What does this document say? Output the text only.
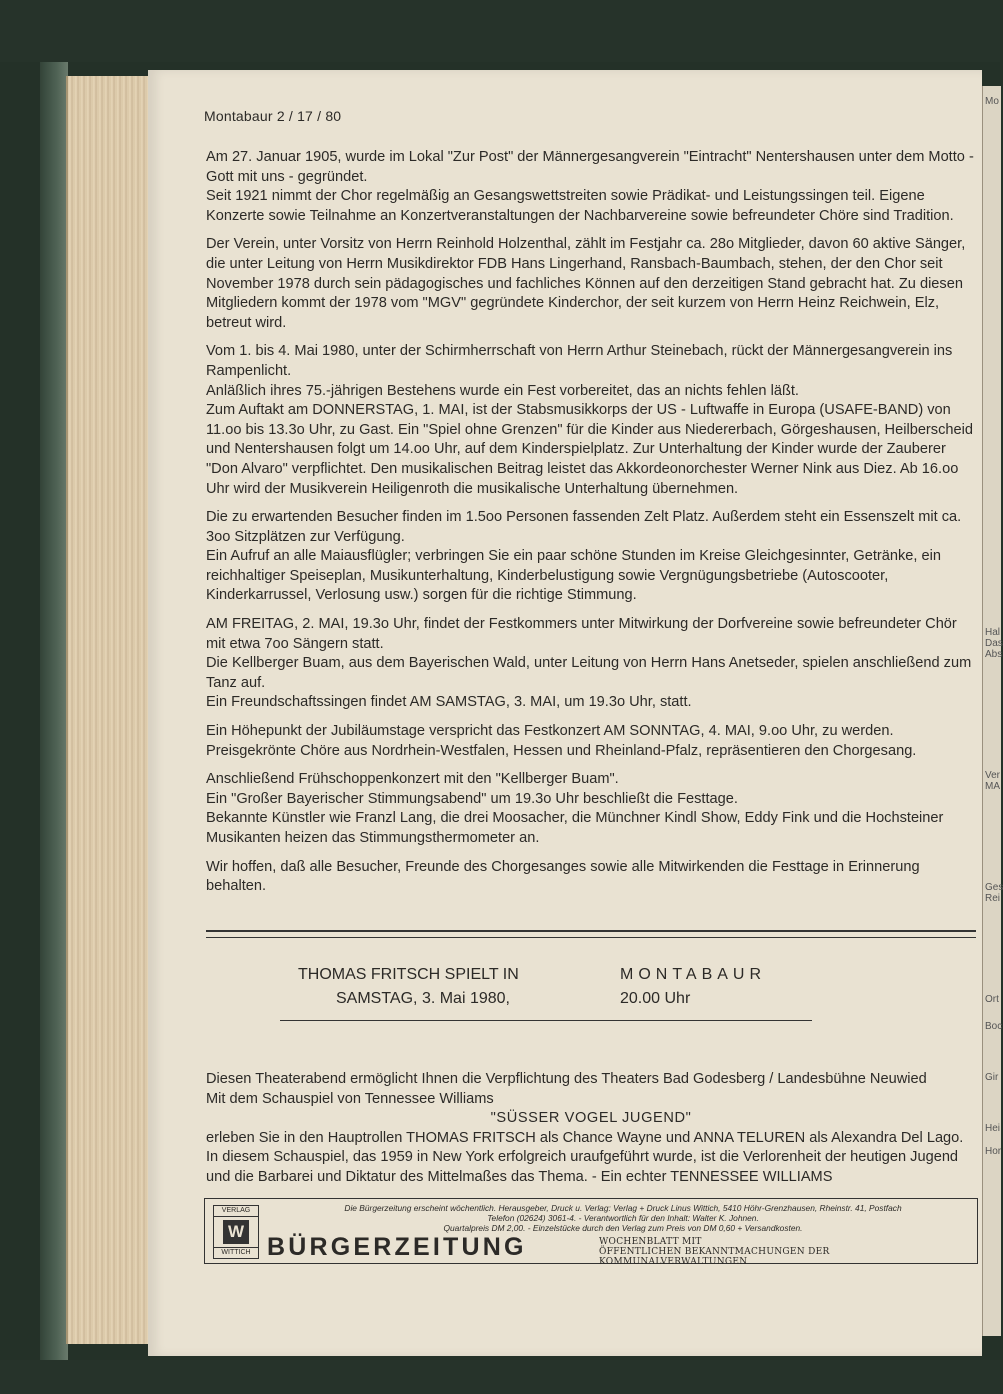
Montabaur 2 / 17 / 80

Am 27. Januar 1905, wurde im Lokal "Zur Post" der Männergesangverein "Eintracht" Nentershausen unter dem Motto - Gott mit uns - gegründet.

Seit 1921 nimmt der Chor regelmäßig an Gesangswettstreiten sowie Prädikat- und Leistungssingen teil. Eigene Konzerte sowie Teilnahme an Konzertveranstaltungen der Nachbarvereine sowie befreundeter Chöre sind Tradition.

Der Verein, unter Vorsitz von Herrn Reinhold Holzenthal, zählt im Festjahr ca. 28o Mitglieder, davon 60 aktive Sänger, die unter Leitung von Herrn Musikdirektor FDB Hans Lingerhand, Ransbach-Baumbach, stehen, der den Chor seit November 1978 durch sein pädagogisches und fachliches Können auf den derzeitigen Stand gebracht hat. Zu diesen Mitgliedern kommt der 1978 vom "MGV" gegründete Kinderchor, der seit kurzem von Herrn Heinz Reichwein, Elz, betreut wird.

Vom 1. bis 4. Mai 1980, unter der Schirmherrschaft von Herrn Arthur Steinebach, rückt der Männergesangverein ins Rampenlicht.

Anläßlich ihres 75.-jährigen Bestehens wurde ein Fest vorbereitet, das an nichts fehlen läßt.

Zum Auftakt am DONNERSTAG, 1. MAI, ist der Stabsmusikkorps der US - Luftwaffe in Europa (USAFE-BAND) von 11.oo bis 13.3o Uhr, zu Gast. Ein "Spiel ohne Grenzen" für die Kinder aus Niedererbach, Görgeshausen, Heilberscheid und Nentershausen folgt um 14.oo Uhr, auf dem Kinderspielplatz. Zur Unterhaltung der Kinder wurde der Zauberer "Don Alvaro" verpflichtet. Den musikalischen Beitrag leistet das Akkordeonorchester Werner Nink aus Diez. Ab 16.oo Uhr wird der Musikverein Heiligenroth die musikalische Unterhaltung übernehmen.

Die zu erwartenden Besucher finden im 1.5oo Personen fassenden Zelt Platz. Außerdem steht ein Essenszelt mit ca. 3oo Sitzplätzen zur Verfügung.

Ein Aufruf an alle Maiausflügler; verbringen Sie ein paar schöne Stunden im Kreise Gleichgesinnter, Getränke, ein reichhaltiger Speiseplan, Musikunterhaltung, Kinderbelustigung sowie Vergnügungsbetriebe (Autoscooter, Kinderkarrussel, Verlosung usw.) sorgen für die richtige Stimmung.

AM FREITAG, 2. MAI, 19.3o Uhr, findet der Festkommers unter Mitwirkung der Dorfvereine sowie befreundeter Chör mit etwa 7oo Sängern statt.

Die Kellberger Buam, aus dem Bayerischen Wald, unter Leitung von Herrn Hans Anetseder, spielen anschließend zum Tanz auf.

Ein Freundschaftssingen findet AM SAMSTAG, 3. MAI, um 19.3o Uhr, statt.

Ein Höhepunkt der Jubiläumstage verspricht das Festkonzert AM SONNTAG, 4. MAI, 9.oo Uhr, zu werden. Preisgekrönte Chöre aus Nordrhein-Westfalen, Hessen und Rheinland-Pfalz, repräsentieren den Chorgesang.

Anschließend Frühschoppenkonzert mit den "Kellberger Buam".

Ein "Großer Bayerischer Stimmungsabend" um 19.3o Uhr beschließt die Festtage.

Bekannte Künstler wie Franzl Lang, die drei Moosacher, die Münchner Kindl Show, Eddy Fink und die Hochsteiner Musikanten heizen das Stimmungsthermometer an.

Wir hoffen, daß alle Besucher, Freunde des Chorgesanges sowie alle Mitwirkenden die Festtage in Erinnerung behalten.

THOMAS FRITSCH SPIELT IN	MONTABAUR
SAMSTAG, 3. Mai 1980,	20.00 Uhr

Diesen Theaterabend ermöglicht Ihnen die Verpflichtung des Theaters Bad Godesberg / Landesbühne Neuwied

Mit dem Schauspiel von Tennessee Williams

"SÜSSER VOGEL JUGEND"

erleben Sie in den Hauptrollen THOMAS FRITSCH als Chance Wayne und ANNA TELUREN als Alexandra Del Lago.

In diesem Schauspiel, das 1959 in New York erfolgreich uraufgeführt wurde, ist die Verlorenheit der heutigen Jugend und die Barbarei und Diktatur des Mittelmaßes das Thema. - Ein echter TENNESSEE WILLIAMS

VERLAG
W
WITTICH
Die Bürgerzeitung erscheint wöchentlich. Herausgeber, Druck u. Verlag: Verlag + Druck Linus Wittich, 5410 Höhr-Grenzhausen, Rheinstr. 41, Postfach
Telefon (02624) 3061-4. - Verantwortlich für den Inhalt: Walter K. Johnen.
Quartalpreis DM 2,00. - Einzelstücke durch den Verlag zum Preis von DM 0,60 + Versandkosten.
BÜRGERZEITUNG	WOCHENBLATT MIT
ÖFFENTLICHEN BEKANNTMACHUNGEN DER KOMMUNALVERWALTUNGEN
Mo
Hal
Das
Abs
Ver
MA
Ges
Rei
Ort
Boc
Gir
Hei
Hor
